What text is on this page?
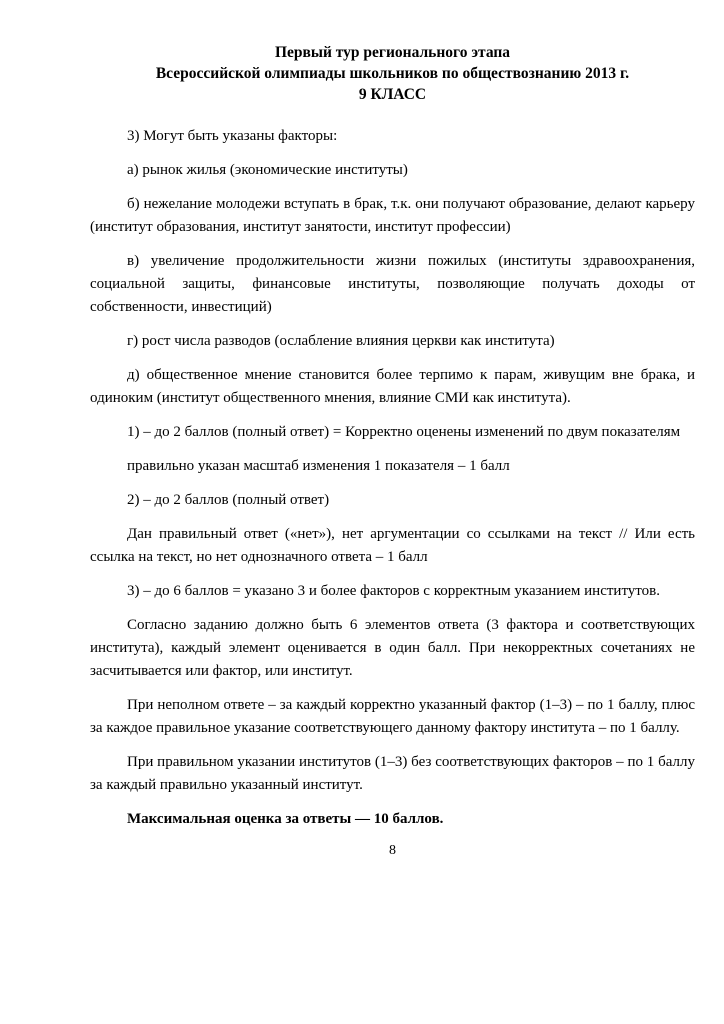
Первый тур регионального этапа
Всероссийской олимпиады школьников по обществознанию 2013 г.
9 КЛАСС

3) Могут быть указаны факторы:

а) рынок жилья (экономические институты)

б) нежелание молодежи вступать в брак, т.к. они получают образование, делают карьеру (институт образования, институт занятости, институт профессии)

в) увеличение продолжительности жизни пожилых (институты здравоохранения, социальной защиты, финансовые институты, позволяющие получать доходы от собственности, инвестиций)

г) рост числа разводов (ослабление влияния церкви как института)

д) общественное мнение становится более терпимо к парам, живущим вне брака, и одиноким (институт общественного мнения, влияние СМИ как института).

1) – до 2 баллов (полный ответ) = Корректно оценены изменений по двум показателям

правильно указан масштаб изменения 1 показателя – 1 балл

2) – до 2 баллов (полный ответ)

Дан правильный ответ («нет»), нет аргументации со ссылками на текст // Или есть ссылка на текст, но нет однозначного ответа – 1 балл

3) – до 6 баллов = указано 3 и более факторов с корректным указанием институтов.

Согласно заданию должно быть 6 элементов ответа (3 фактора и соответствующих института), каждый элемент оценивается в один балл. При некорректных сочетаниях не засчитывается или фактор, или институт.

При неполном ответе – за каждый корректно указанный фактор (1–3) – по 1 баллу, плюс за каждое правильное указание соответствующего данному фактору института – по 1 баллу.

При правильном указании институтов (1–3) без соответствующих факторов – по 1 баллу за каждый правильно указанный институт.

Максимальная оценка за ответы — 10 баллов.

8
